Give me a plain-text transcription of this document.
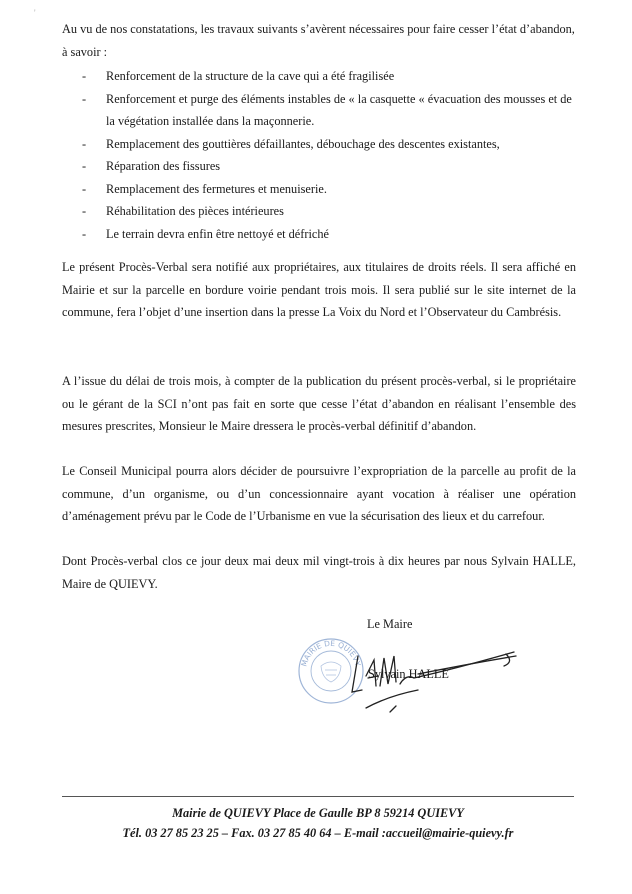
'
Au vu de nos constatations, les travaux suivants s’avèrent nécessaires pour faire cesser l’état d’abandon, à savoir :
- Renforcement de la structure de la cave qui a été fragilisée
- Renforcement et purge des éléments instables de « la casquette « évacuation des mousses et de la végétation installée dans la maçonnerie.
- Remplacement des gouttières défaillantes, débouchage des descentes existantes,
- Réparation des fissures
- Remplacement des fermetures et menuiserie.
- Réhabilitation des pièces intérieures
- Le terrain devra enfin être nettoyé et défriché
Le présent Procès-Verbal sera notifié aux propriétaires, aux titulaires de droits réels. Il sera affiché en Mairie et sur la parcelle en bordure voirie pendant trois mois. Il sera publié sur le site internet de la commune, fera l’objet d’une insertion dans la presse La Voix du Nord et l’Observateur du Cambrésis.
A l’issue du délai de trois mois, à compter de la publication du présent procès-verbal, si le propriétaire ou le gérant de la SCI n’ont pas fait en sorte que cesse l’état d’abandon en réalisant l’ensemble des mesures prescrites, Monsieur le Maire dressera le procès-verbal définitif d’abandon.
Le Conseil Municipal pourra alors décider de poursuivre l’expropriation de la parcelle au profit de la commune, d’un organisme, ou d’un concessionnaire ayant vocation à réaliser une opération d’aménagement prévu par le Code de l’Urbanisme en vue la sécurisation des lieux et du carrefour.
Dont Procès-verbal clos ce jour deux mai deux mil vingt-trois à dix heures par nous Sylvain HALLE, Maire de QUIEVY.
Le Maire
MAIRIE DE QUIEVY
Sylvain HALLE
Mairie de QUIEVY Place de Gaulle BP 8 59214 QUIEVY
Tél. 03 27 85 23 25 – Fax. 03 27 85 40 64 – E-mail :accueil@mairie-quievy.fr
